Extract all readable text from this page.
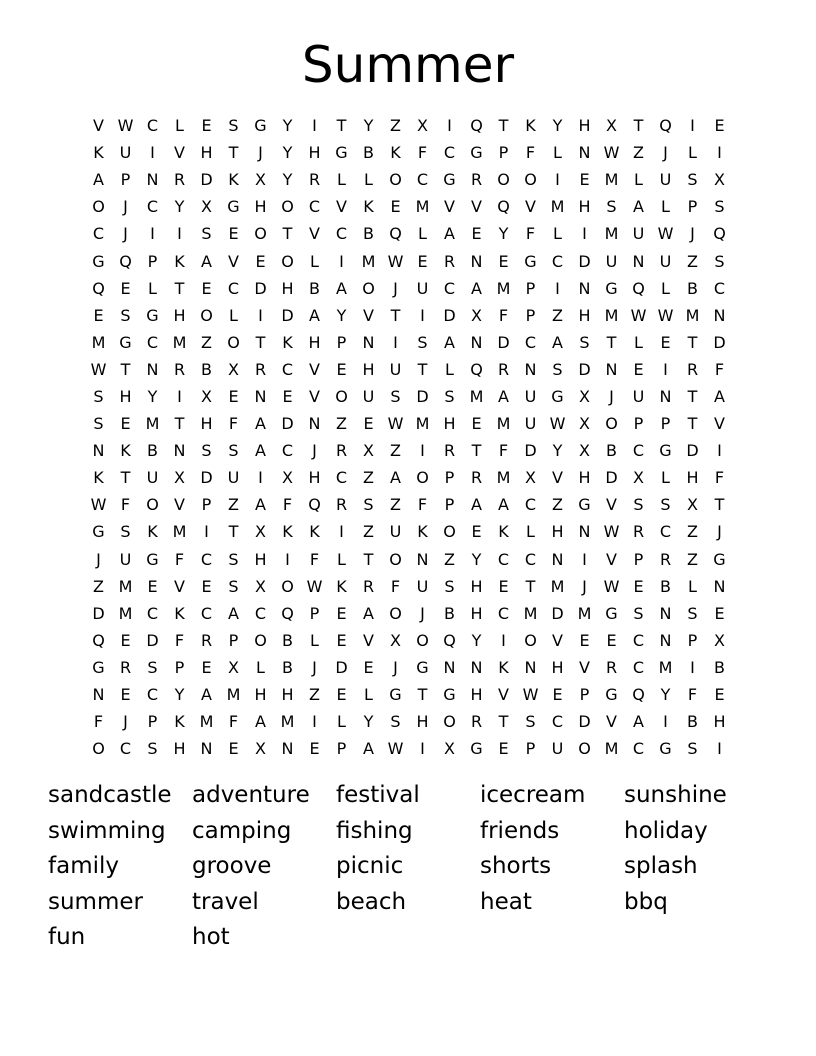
Summer
V W C	L	E	S G Y	I	T	Y	Z	X	I	Q T	K	Y	H X	T Q	I	E
K U	I	V H	T	J	Y	H G B	K	F	C G P	F	L	N W Z	J	L	I
A	P	N R D K	X	Y	R	L	L	O C G R O O	I	E M L	U	S	X
O	J	C	Y	X G H O C V	K	E M V	V Q V M H S	A	L	P	S
C	J	I	I	S	E O T	V C B Q	L	A	E	Y	F	L	I	M U W	J	Q
G Q P	K	A	V	E O	L	I	M W E	R N E G C D U N U Z	S
Q E	L	T	E	C D H B	A O	J	U C A M P	I	N G Q	L	B C
E	S G H O	L	I	D A	Y	V	T	I	D X	F	P	Z H M W W M N
M G C M Z O T	K H	P	N	I	S	A N D C A	S	T	L	E	T D
W T	N R B	X R C V	E H U	T	L	Q R N S D N E	I	R	F
S H	Y	I	X	E N E	V O U	S D S M A U G X	J	U N	T	A
S	E M T	H	F	A D N Z	E W M H E M U W X O P	P	T	V
N K	B N S	S	A C	J	R X	Z	I	R	T	F	D Y	X	B C G D	I
K	T	U X D U	I	X H C Z	A O P	R M X	V H D X	L	H	F
W F	O V	P	Z	A	F	Q R	S	Z	F	P	A	A C Z G V	S	S	X	T
G S	K M	I	T	X	K	K	I	Z U K O E	K	L	H N W R C Z	J
J	U G	F	C	S H	I	F	L	T O N Z	Y	C C N	I	V	P	R Z G
Z M E	V	E	S	X O W K	R	F	U	S H E	T M	J	W E	B	L	N
D M C	K	C A C Q P	E	A O	J	B H C M D M G S N S	E
Q E D	F	R	P O B	L	E	V	X O Q Y	I	O V	E	E	C N	P	X
G R	S	P	E	X	L	B	J	D E	J	G N N K N H V R C M	I	B
N E	C	Y	A M H H Z	E	L	G T G H V W E	P G Q Y	F	E
F	J	P	K M F	A M	I	L	Y	S H O R	T	S	C D V	A	I	B H
O C	S H N E	X N E	P	A W	I	X G E	P	U O M C G S	I
sandcastle adventure	festival	icecream	sunshine
swimming	camping	fishing	friends	holiday
family	groove	picnic	shorts	splash
summer	travel	beach	heat	bbq
fun	hot
